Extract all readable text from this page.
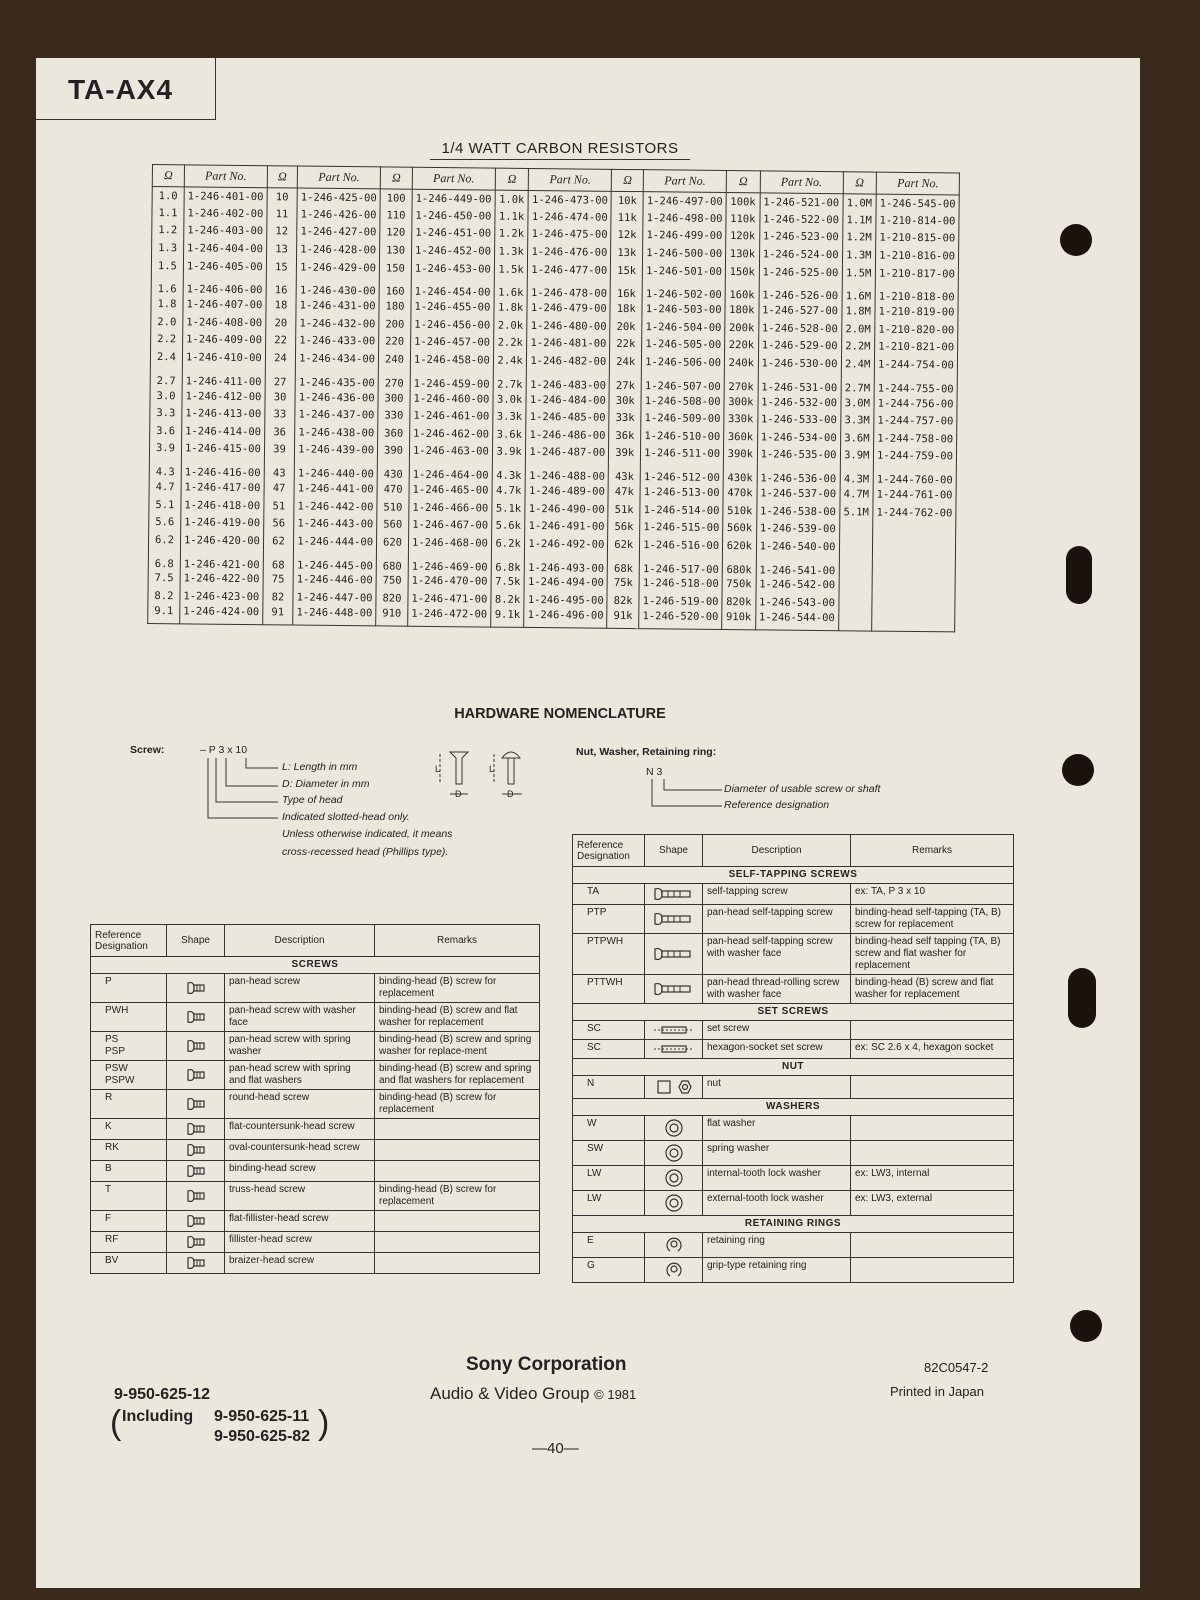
TA-AX4
1/4 WATT CARBON RESISTORS
Ω	Part No.	Ω	Part No.	Ω	Part No.	Ω	Part No.	Ω	Part No.	Ω	Part No.	Ω	Part No.
1.0	1-246-401-00	10	1-246-425-00	100	1-246-449-00	1.0k	1-246-473-00	10k	1-246-497-00	100k	1-246-521-00	1.0M	1-246-545-00
1.1	1-246-402-00	11	1-246-426-00	110	1-246-450-00	1.1k	1-246-474-00	11k	1-246-498-00	110k	1-246-522-00	1.1M	1-210-814-00
1.2	1-246-403-00	12	1-246-427-00	120	1-246-451-00	1.2k	1-246-475-00	12k	1-246-499-00	120k	1-246-523-00	1.2M	1-210-815-00
1.3	1-246-404-00	13	1-246-428-00	130	1-246-452-00	1.3k	1-246-476-00	13k	1-246-500-00	130k	1-246-524-00	1.3M	1-210-816-00
1.5	1-246-405-00	15	1-246-429-00	150	1-246-453-00	1.5k	1-246-477-00	15k	1-246-501-00	150k	1-246-525-00	1.5M	1-210-817-00
1.6	1-246-406-00	16	1-246-430-00	160	1-246-454-00	1.6k	1-246-478-00	16k	1-246-502-00	160k	1-246-526-00	1.6M	1-210-818-00
1.8	1-246-407-00	18	1-246-431-00	180	1-246-455-00	1.8k	1-246-479-00	18k	1-246-503-00	180k	1-246-527-00	1.8M	1-210-819-00
2.0	1-246-408-00	20	1-246-432-00	200	1-246-456-00	2.0k	1-246-480-00	20k	1-246-504-00	200k	1-246-528-00	2.0M	1-210-820-00
2.2	1-246-409-00	22	1-246-433-00	220	1-246-457-00	2.2k	1-246-481-00	22k	1-246-505-00	220k	1-246-529-00	2.2M	1-210-821-00
2.4	1-246-410-00	24	1-246-434-00	240	1-246-458-00	2.4k	1-246-482-00	24k	1-246-506-00	240k	1-246-530-00	2.4M	1-244-754-00
2.7	1-246-411-00	27	1-246-435-00	270	1-246-459-00	2.7k	1-246-483-00	27k	1-246-507-00	270k	1-246-531-00	2.7M	1-244-755-00
3.0	1-246-412-00	30	1-246-436-00	300	1-246-460-00	3.0k	1-246-484-00	30k	1-246-508-00	300k	1-246-532-00	3.0M	1-244-756-00
3.3	1-246-413-00	33	1-246-437-00	330	1-246-461-00	3.3k	1-246-485-00	33k	1-246-509-00	330k	1-246-533-00	3.3M	1-244-757-00
3.6	1-246-414-00	36	1-246-438-00	360	1-246-462-00	3.6k	1-246-486-00	36k	1-246-510-00	360k	1-246-534-00	3.6M	1-244-758-00
3.9	1-246-415-00	39	1-246-439-00	390	1-246-463-00	3.9k	1-246-487-00	39k	1-246-511-00	390k	1-246-535-00	3.9M	1-244-759-00
4.3	1-246-416-00	43	1-246-440-00	430	1-246-464-00	4.3k	1-246-488-00	43k	1-246-512-00	430k	1-246-536-00	4.3M	1-244-760-00
4.7	1-246-417-00	47	1-246-441-00	470	1-246-465-00	4.7k	1-246-489-00	47k	1-246-513-00	470k	1-246-537-00	4.7M	1-244-761-00
5.1	1-246-418-00	51	1-246-442-00	510	1-246-466-00	5.1k	1-246-490-00	51k	1-246-514-00	510k	1-246-538-00	5.1M	1-244-762-00
5.6	1-246-419-00	56	1-246-443-00	560	1-246-467-00	5.6k	1-246-491-00	56k	1-246-515-00	560k	1-246-539-00		
6.2	1-246-420-00	62	1-246-444-00	620	1-246-468-00	6.2k	1-246-492-00	62k	1-246-516-00	620k	1-246-540-00		
6.8	1-246-421-00	68	1-246-445-00	680	1-246-469-00	6.8k	1-246-493-00	68k	1-246-517-00	680k	1-246-541-00		
7.5	1-246-422-00	75	1-246-446-00	750	1-246-470-00	7.5k	1-246-494-00	75k	1-246-518-00	750k	1-246-542-00		
8.2	1-246-423-00	82	1-246-447-00	820	1-246-471-00	8.2k	1-246-495-00	82k	1-246-519-00	820k	1-246-543-00		
9.1	1-246-424-00	91	1-246-448-00	910	1-246-472-00	9.1k	1-246-496-00	91k	1-246-520-00	910k	1-246-544-00		
HARDWARE NOMENCLATURE
Screw:	– P 3 x 10
L: Length in mm
D: Diameter in mm
Type of head
Indicated slotted-head only.
Unless otherwise indicated, it means
cross-recessed head (Phillips type).
L
D
L
D
Nut, Washer, Retaining ring:
N 3
Diameter of usable screw or shaft
Reference designation
Reference Designation	Shape	Description	Remarks
SCREWS			
P		pan-head screw	binding-head (B) screw for replacement
PWH		pan-head screw with washer face	binding-head (B) screw and flat washer for replacement
PS
PSP		pan-head screw with spring washer	binding-head (B) screw and spring washer for replace-ment
PSW
PSPW		pan-head screw with spring and flat washers	binding-head (B) screw and spring and flat washers for replacement
R		round-head screw	binding-head (B) screw for replacement
K		flat-countersunk-head screw	
RK		oval-countersunk-head screw	
B		binding-head screw	
T		truss-head screw	binding-head (B) screw for replacement
F		flat-fillister-head screw	
RF		fillister-head screw	
BV		braizer-head screw	
Reference Designation	Shape	Description	Remarks
SELF-TAPPING SCREWS			
TA		self-tapping screw	ex: TA, P 3 x 10
PTP		pan-head self-tapping screw	binding-head self-tapping (TA, B) screw for replacement
PTPWH		pan-head self-tapping screw with washer face	binding-head self tapping (TA, B) screw and flat washer for replacement
PTTWH		pan-head thread-rolling screw with washer face	binding-head (B) screw and flat washer for replacement
SET SCREWS			
SC		set screw	
SC		hexagon-socket set screw	ex: SC 2.6 x 4, hexagon socket
NUT			
N		nut	
WASHERS			
W		flat washer	
SW		spring washer	
LW		internal-tooth lock washer	ex: LW3, internal
LW		external-tooth lock washer	ex: LW3, external
RETAINING RINGS			
E		retaining ring	
G		grip-type retaining ring	
Sony Corporation
Audio & Video Group © 1981
82C0547-2
Printed in Japan
9-950-625-12
( Including 9-950-625-11
9-950-625-82 )
—40—
